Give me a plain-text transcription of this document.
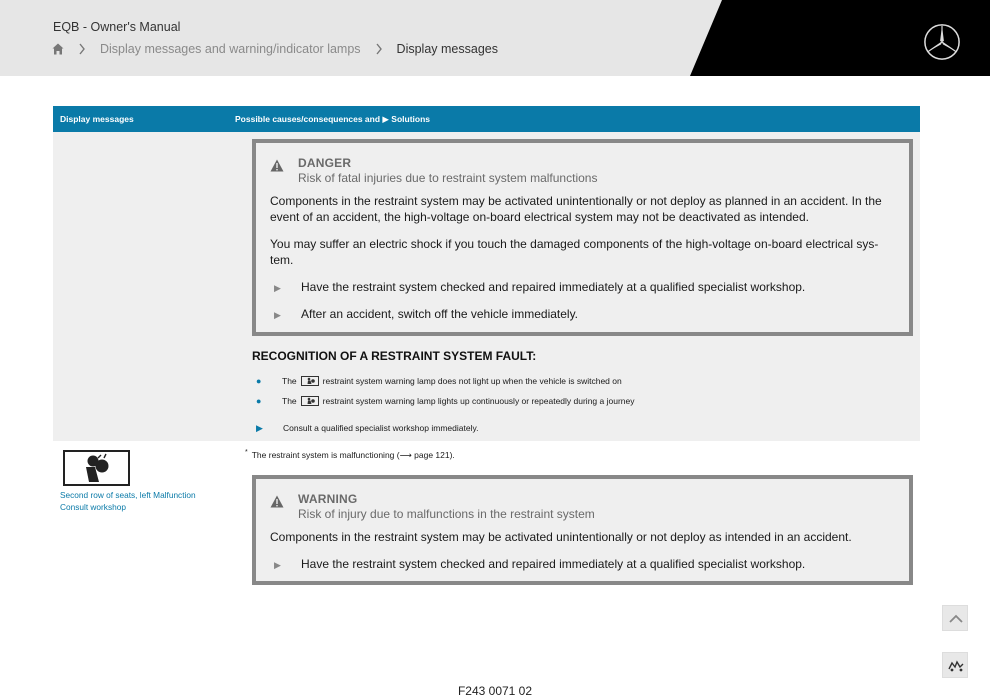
EQB - Owner's Manual
Display messages and warning/indicator lamps	Display messages
Display messages	Possible causes/consequences and ▶ Solutions
DANGER
Risk of fatal injuries due to restraint system malfunctions
Components in the restraint system may be activated unintentionally or not deploy as planned in an accident. In the event of an accident, the high-voltage on-board electrical system may not be deactivated as intended.
You may suffer an electric shock if you touch the damaged components of the high-voltage on-board electrical sys-tem.
▶ Have the restraint system checked and repaired immediately at a qualified specialist workshop.
▶ After an accident, switch off the vehicle immediately.
RECOGNITION OF A RESTRAINT SYSTEM FAULT:
●	The	restraint system warning lamp does not light up when the vehicle is switched on
●	The	restraint system warning lamp lights up continuously or repeatedly during a journey
▶	Consult a qualified specialist workshop immediately.
Second row of seats, left Malfunction
Consult workshop
* The restraint system is malfunctioning (⟶ page 121).
WARNING
Risk of injury due to malfunctions in the restraint system
Components in the restraint system may be activated unintentionally or not deploy as intended in an accident.
▶ Have the restraint system checked and repaired immediately at a qualified specialist workshop.
F243 0071 02
